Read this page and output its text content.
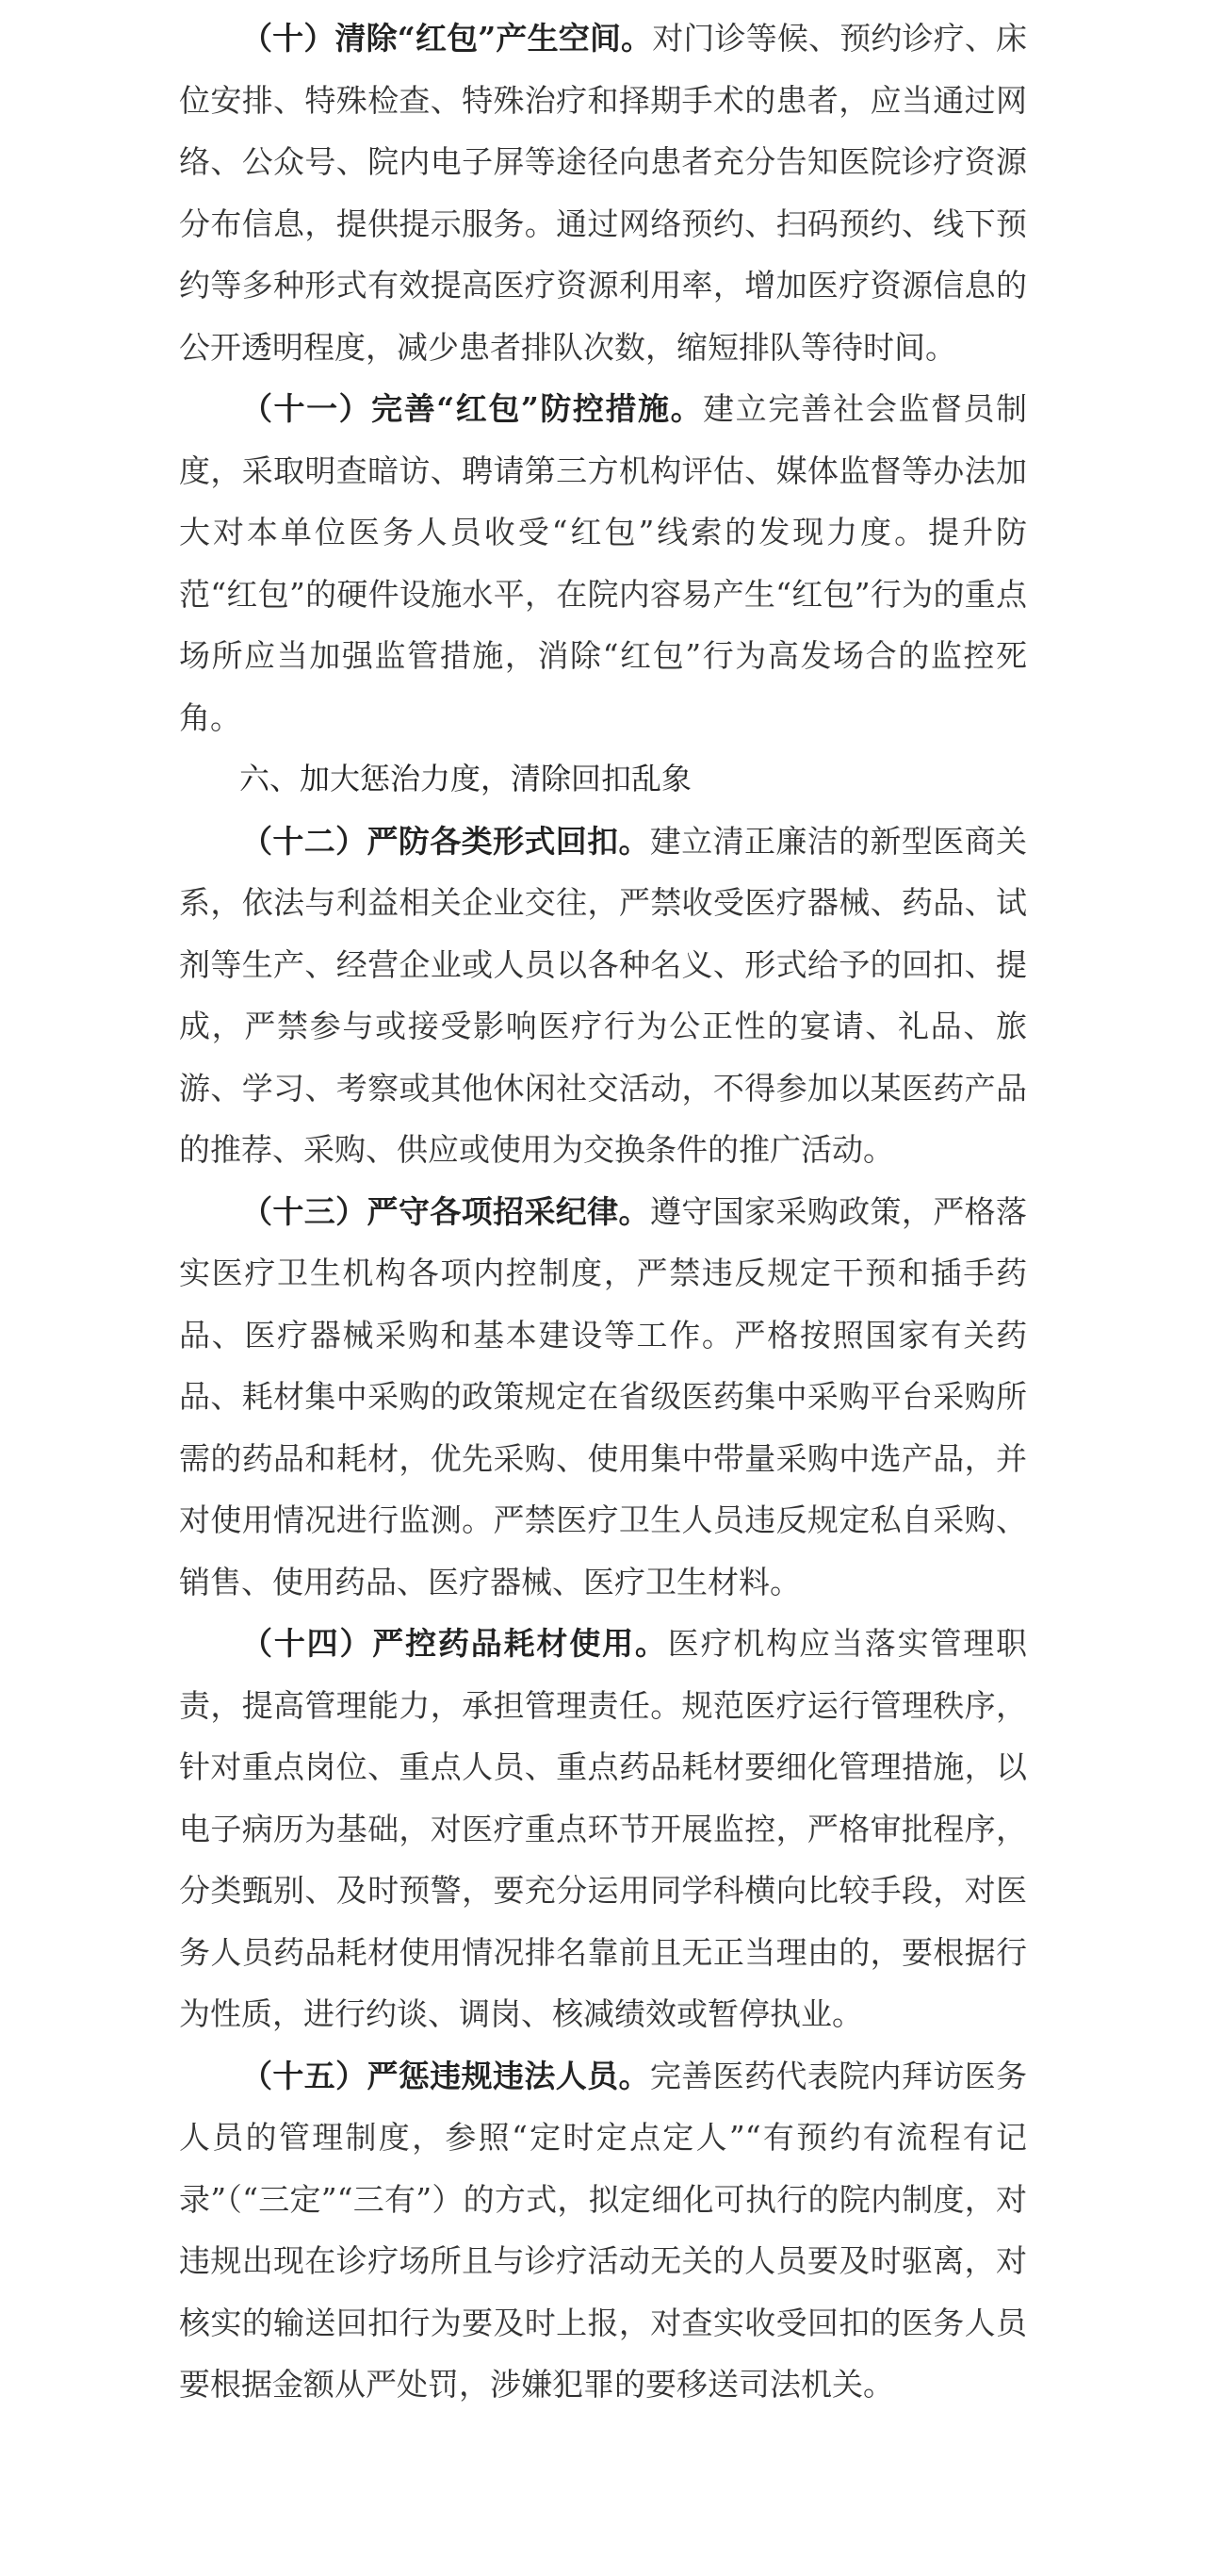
（十）清除“红包”产生空间。对门诊等候、预约诊疗、床位安排、特殊检查、特殊治疗和择期手术的患者，应当通过网络、公众号、院内电子屏等途径向患者充分告知医院诊疗资源分布信息，提供提示服务。通过网络预约、扫码预约、线下预约等多种形式有效提高医疗资源利用率，增加医疗资源信息的公开透明程度，减少患者排队次数，缩短排队等待时间。

（十一）完善“红包”防控措施。建立完善社会监督员制度，采取明查暗访、聘请第三方机构评估、媒体监督等办法加大对本单位医务人员收受“红包”线索的发现力度。提升防范“红包”的硬件设施水平，在院内容易产生“红包”行为的重点场所应当加强监管措施，消除“红包”行为高发场合的监控死角。

六、加大惩治力度，清除回扣乱象

（十二）严防各类形式回扣。建立清正廉洁的新型医商关系，依法与利益相关企业交往，严禁收受医疗器械、药品、试剂等生产、经营企业或人员以各种名义、形式给予的回扣、提成，严禁参与或接受影响医疗行为公正性的宴请、礼品、旅游、学习、考察或其他休闲社交活动，不得参加以某医药产品的推荐、采购、供应或使用为交换条件的推广活动。

（十三）严守各项招采纪律。遵守国家采购政策，严格落实医疗卫生机构各项内控制度，严禁违反规定干预和插手药品、医疗器械采购和基本建设等工作。严格按照国家有关药品、耗材集中采购的政策规定在省级医药集中采购平台采购所需的药品和耗材，优先采购、使用集中带量采购中选产品，并对使用情况进行监测。严禁医疗卫生人员违反规定私自采购、销售、使用药品、医疗器械、医疗卫生材料。

（十四）严控药品耗材使用。医疗机构应当落实管理职责，提高管理能力，承担管理责任。规范医疗运行管理秩序，针对重点岗位、重点人员、重点药品耗材要细化管理措施，以电子病历为基础，对医疗重点环节开展监控，严格审批程序，分类甄别、及时预警，要充分运用同学科横向比较手段，对医务人员药品耗材使用情况排名靠前且无正当理由的，要根据行为性质，进行约谈、调岗、核减绩效或暂停执业。

（十五）严惩违规违法人员。完善医药代表院内拜访医务人员的管理制度，参照“定时定点定人”“有预约有流程有记录”（“三定”“三有”）的方式，拟定细化可执行的院内制度，对违规出现在诊疗场所且与诊疗活动无关的人员要及时驱离，对核实的输送回扣行为要及时上报，对查实收受回扣的医务人员要根据金额从严处罚，涉嫌犯罪的要移送司法机关。
